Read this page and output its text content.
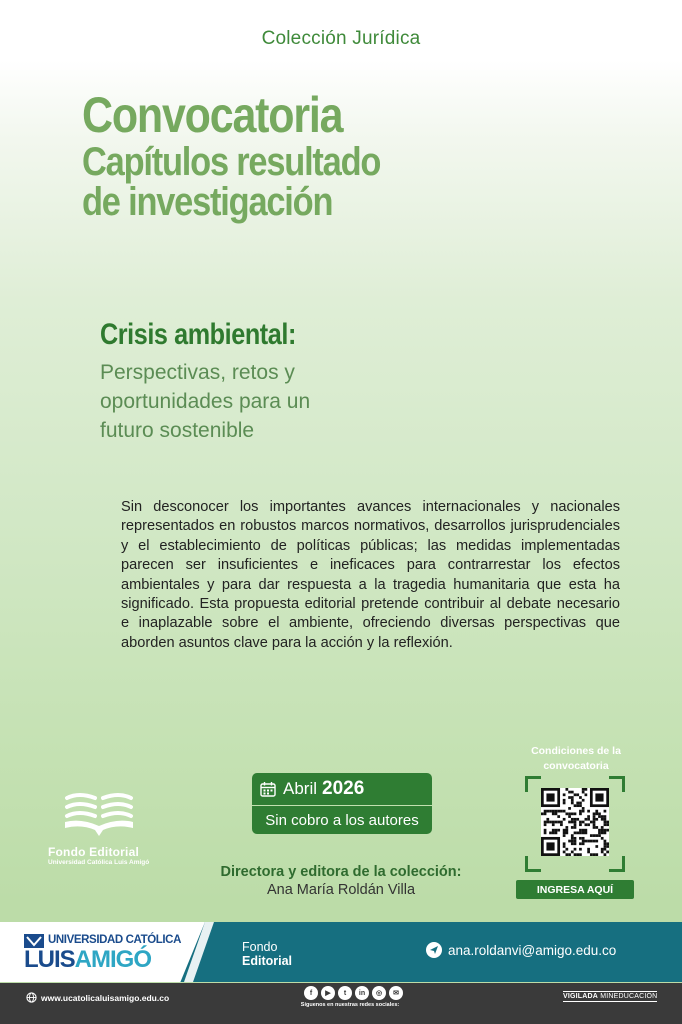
Colección Jurídica
Convocatoria
Capítulos resultado
de investigación
Crisis ambiental:
Perspectivas, retos y oportunidades para un futuro sostenible
Sin desconocer los importantes avances internacionales y nacionales representados en robustos marcos normativos, desarrollos jurisprudenciales y el establecimiento de políticas públicas; las medidas implementadas parecen ser insuficientes e ineficaces para contrarrestar los efectos ambientales y para dar respuesta a la tragedia humanitaria que esta ha significado. Esta propuesta editorial pretende contribuir al debate necesario e inaplazable sobre el ambiente, ofreciendo diversas perspectivas que aborden asuntos clave para la acción y la reflexión.
Abril 2026
Sin cobro a los autores
Fondo Editorial
Universidad Católica Luis Amigó
Directora y editora de la colección:
Ana María Roldán Villa
Condiciones de la
convocatoria
INGRESA AQUÍ
UNIVERSIDAD CATÓLICA
LUISAMIGÓ	Fondo
Editorial
ana.roldanvi@amigo.edu.co
www.ucatolicaluisamigo.edu.co	f	▶	t	in	◎	✉
Síguenos en nuestras redes sociales:
VIGILADA MINEDUCACIÓN
